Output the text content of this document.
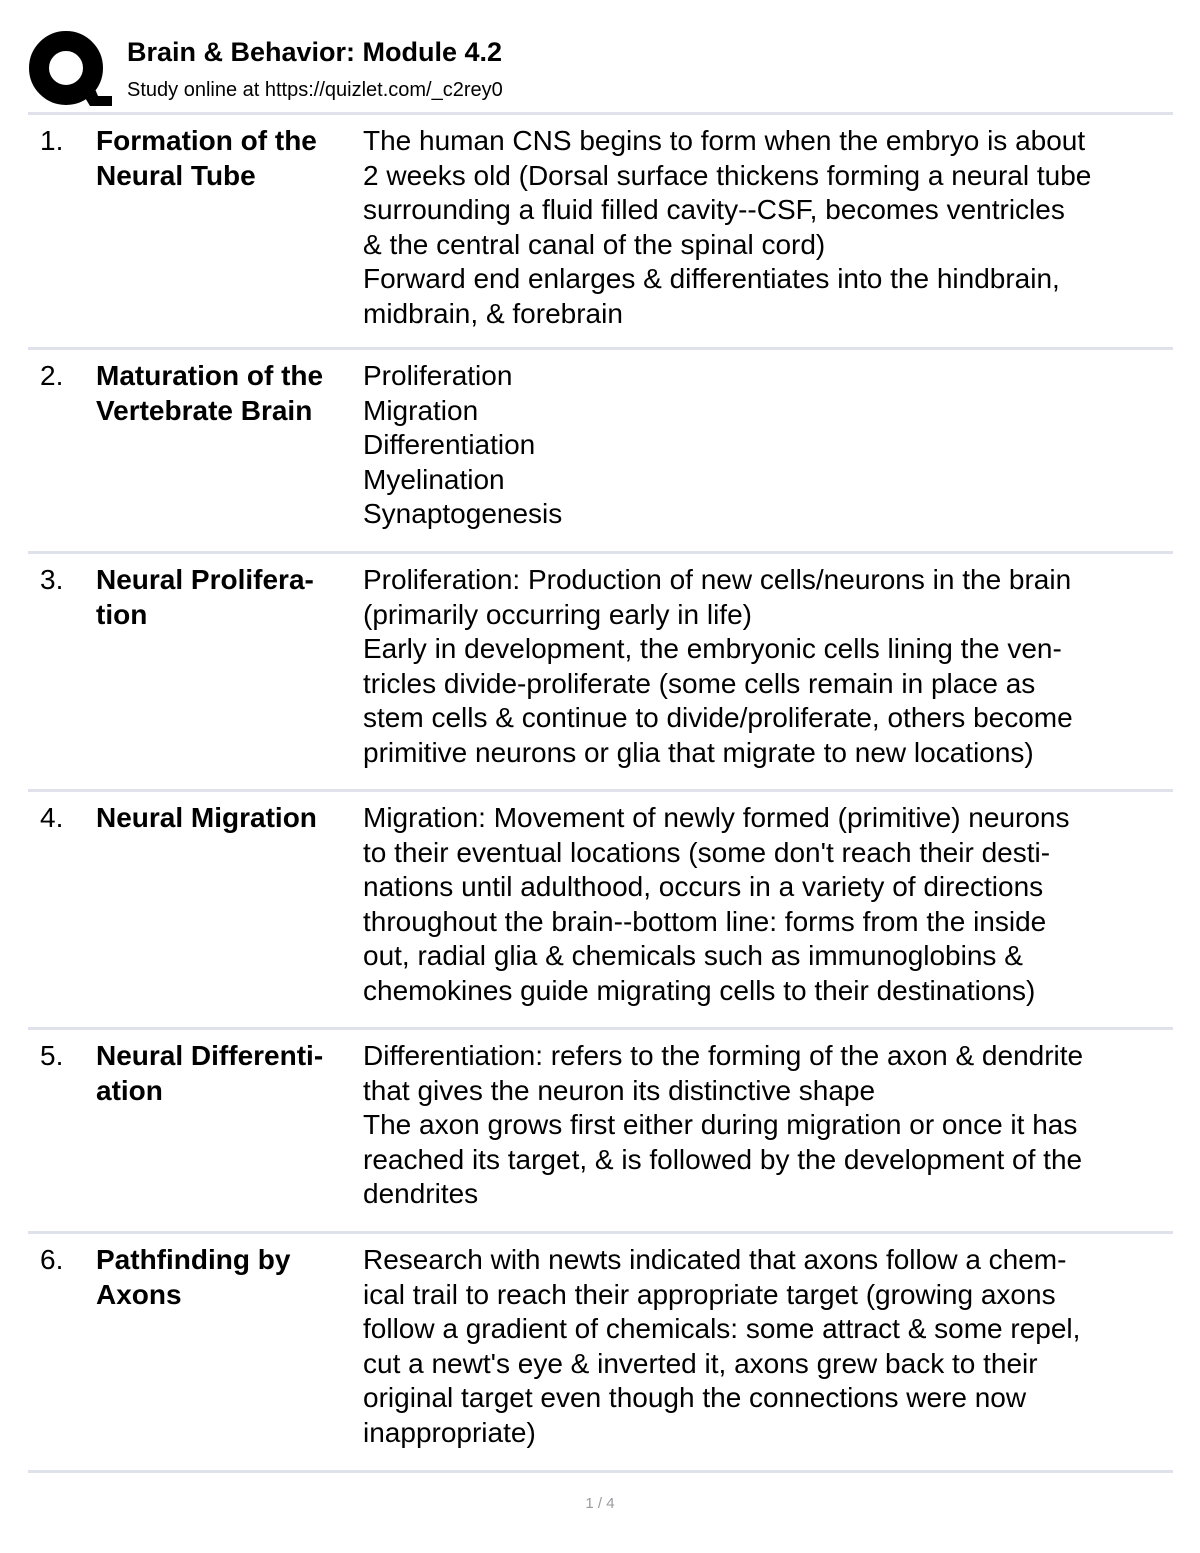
Brain & Behavior: Module 4.2
Study online at https://quizlet.com/_c2rey0
1. Formation of the Neural Tube
The human CNS begins to form when the embryo is about
2 weeks old (Dorsal surface thickens forming a neural tube
surrounding a fluid filled cavity--CSF, becomes ventricles
& the central canal of the spinal cord)
Forward end enlarges & differentiates into the hindbrain,
midbrain, & forebrain
2. Maturation of the Vertebrate Brain
Proliferation
Migration
Differentiation
Myelination
Synaptogenesis
3. Neural Prolifera- tion
Proliferation: Production of new cells/neurons in the brain
(primarily occurring early in life)
Early in development, the embryonic cells lining the ven-
tricles divide-proliferate (some cells remain in place as
stem cells & continue to divide/proliferate, others become
primitive neurons or glia that migrate to new locations)
4. Neural Migration	Migration: Movement of newly formed (primitive) neurons
to their eventual locations (some don't reach their desti-
nations until adulthood, occurs in a variety of directions
throughout the brain--bottom line: forms from the inside
out, radial glia & chemicals such as immunoglobins &
chemokines guide migrating cells to their destinations)
5. Neural Differenti- ation
Differentiation: refers to the forming of the axon & dendrite
that gives the neuron its distinctive shape
The axon grows first either during migration or once it has
reached its target, & is followed by the development of the
dendrites
6. Pathfinding by Axons
Research with newts indicated that axons follow a chem-
ical trail to reach their appropriate target (growing axons
follow a gradient of chemicals: some attract & some repel,
cut a newt's eye & inverted it, axons grew back to their
original target even though the connections were now
inappropriate)
1 / 4
